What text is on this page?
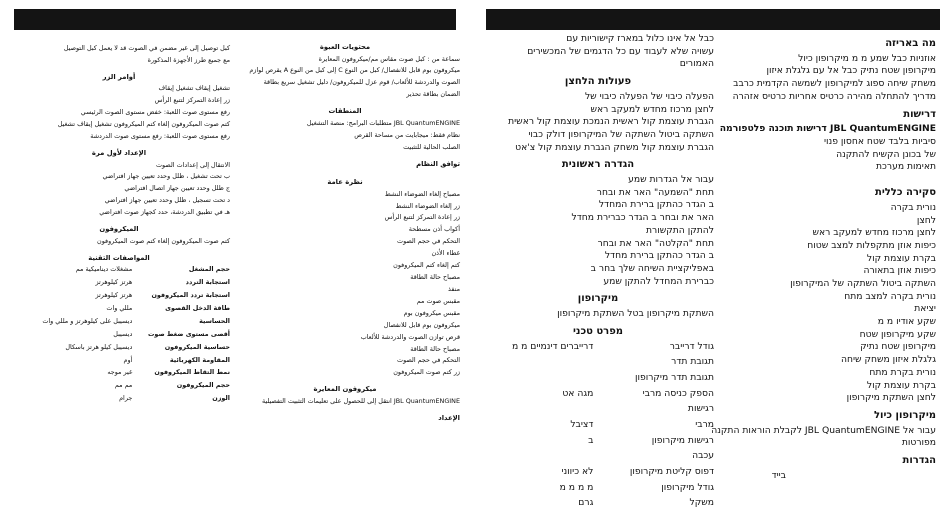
محتويات العبوة

سماعة من : كبل صوت مقاس مم/ميكروفون المعايرة

ميكروفون بوم قابل للانفصال/ كبل من النوع C إلى كبل من النوع A يقرص لوازم

الصوت والدردشة للألعاب/ قوم عزل للميكروفون/ دليل تشغيل سريع بطاقة

الضمان بطاقة تحذير

المنطقات

JBL QuantumENGINE متطلبات البرامج: منصة التشغيل

نظام فقط: ميجابايت من مساحة القرص

الصلب الحالية للتثبيت

توافق النظام
نظرة عامة

مصباح إلغاء الضوضاء النشط

زر إلغاء الضوضاء النشط

زر إعادة التمركز لتتبع الرأس

أكواب أذن مسطحة

التحكم في حجم الصوت

غطاء الأذن

كتم إلغاء كتم الميكروفون

مصباح حالة الطاقة

منفذ

مقبس صوت مم

مقبس ميكروفون بوم

ميكروفون بوم قابل للانفصال

قرص توازن الصوت والدردشة للألعاب

مصباح حالة الطاقة

التحكم في حجم الصوت

زر كتم صوت الميكروفون

ميكروفون المعايرة

JBL QuantumENGINE انتقل إلى للحصول على تعليمات التثبيت التفصيلية

الإعداد

كبل توصيل إلى غير مضمن في الصوت قد لا يعمل كبل التوصيل

مع جميع طرز الأجهزة المذكورة

أوامر الزر

تشغيل إيقاف تشغيل إيقاف

زر إعادة التمركز لتتبع الرأس

رفع مستوى صوت اللعبة: خفض مستوى الصوت الرئيسي

كتم صوت الميكروفون إلغاء كتم الميكروفون تشغيل إيقاف تشغيل

رفع مستوى صوت اللعبة: رفع مستوى صوت الدردشة

الإعداد لأول مرة

الانتقال إلى إعدادات الصوت

ب تحت تشغيل ، ظلل وحدد تعيين جهاز افتراضي

ج ظلل وحدد تعيين جهاز اتصال افتراضي

د تحت تسجيل ، ظلل وحدد تعيين جهاز افتراضي

هـ في تطبيق الدردشة، حدد كجهاز صوت افتراضي

الميكروفون

كتم صوت الميكروفون إلغاء كتم صوت الميكروفون

المواصفات التقنية
حجم المشغل
مشغلات ديناميكية مم
استجابة التردد
هرتز كيلوهرتز
استجابة تردد الميكروفون
هرتز كيلوهرتز
طاقة الدخل القصوى
مللي وات
الحساسية
ديسيبل على كيلوهرتز و مللي وات
أقصى مستوى ضغط صوت
ديسيبل
حساسية الميكروفون
ديسيبل كيلو هرتز باسكال
المقاومة الكهربائية
أوم
نمط التقاط الميكروفون
غير موجه
حجم الميكروفون
مم مم
الوزن
جرام
מה באריזה

אוזניות כבל שמע מ מ מיקרופון כיול

מיקרופון שטח נתיק כבל אל עם גלגלת איזון

משחק שיחה ספוג למיקרופון לשמשה הקדמית כרבב

מדריך להתחלה מהירה כרטיס אחריות כרטיס אזהרה

דרישות

JBL QuantumENGINE דרישות תוכנה פלטפורמה

סיביות בלבד שטח אחסון פנוי

של בכונן הקשיח להתקנה

תאימות מערכת

סקירה כללית

נורית בקרה

לחצן

לחצן מרכוז מחדש למעקב ראש

כיפות אוזן מתקפלות למצב שטוח

בקרת עוצמת קול

כיפות אוזן בתאורה

השתקה ביטול השתקה של המיקרופון

נורית בקרה למצב מתח

יציאת

שקע אודיו מ מ

שקע מיקרופון שטח

מיקרופון שטח נתיק

גלגלת איזון משחק שיחה

נורית בקרת מתח

בקרת עוצמת קול

לחצן השתקת מיקרופון

מיקרופון כיול

עבור אל JBL QuantumENGINE לקבלת הוראות התקנה

מפורטות

הגדרות

בייד

כבל אל אינו כלול במארז קישוריות עם

עשויה שלא לעבוד עם כל הדגמים של המכשירים

האמורים

פעולות הלחצן

הפעלה כיבוי של הפעלה כיבוי של

לחצן מרכוז מחדש למעקב ראש

הגברת עוצמת קול ראשית הנמכת עוצמת קול ראשית

השתקה ביטול השתקה של המיקרופון דולק כבוי

הגברת עוצמת קול משחק הגברת עוצמת קול צ'אט

הגדרה ראשונית

עבור אל הגדרות שמע

תחת "השמעה" האר את ובחר

ב הגדר כהתקן ברירת המחדל

האר את ובחר ב הגדר כברירת מחדל

להתקן התקשורת

תחת "הקלטה" האר את ובחר

ב הגדר כהתקן ברירת מחדל

באפליקציית השיחה שלך בחר ב

כברירת המחדל להתקן שמע

מיקרופון

השתקת מיקרופון בטל השתקת מיקרופון

מפרט טכני
גודל דרייבר
דרייברים דינמיים מ מ
תגובת תדר
תגובת תדר מיקרופון
הספק כניסה מרבי
מגה אט
רגישות
מרבי
דציבל
רגישות מיקרופון
ב
עכבה
דפוס קליטת מיקרופון
לא כיווני
גודל מיקרופון
מ מ מ מ
משקל
גרם
